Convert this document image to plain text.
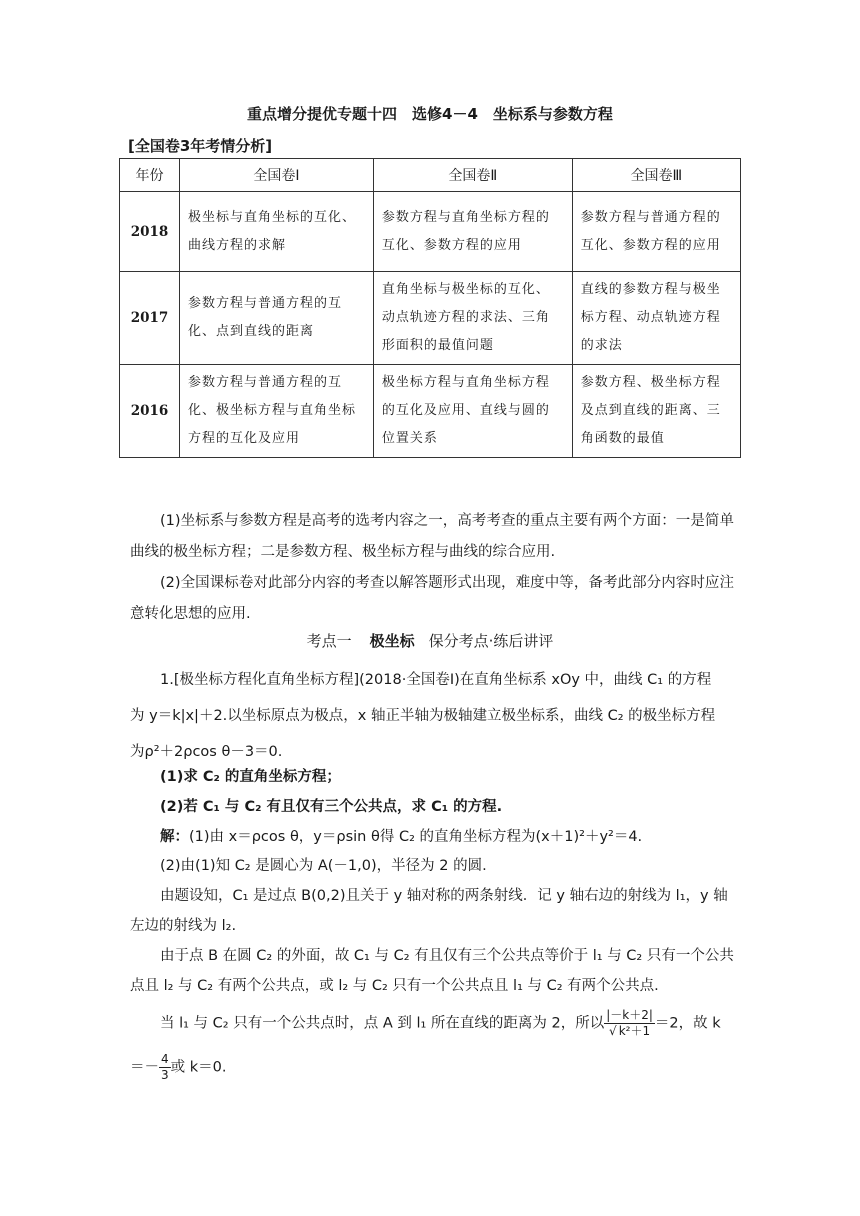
重点增分提优专题十四　选修4－4　坐标系与参数方程
[全国卷3年考情分析]
年份	全国卷Ⅰ	全国卷Ⅱ	全国卷Ⅲ
2018	极坐标与直角坐标的互化、曲线方程的求解	参数方程与直角坐标方程的互化、参数方程的应用	参数方程与普通方程的互化、参数方程的应用
2017	参数方程与普通方程的互化、点到直线的距离	直角坐标与极坐标的互化、动点轨迹方程的求法、三角形面积的最值问题	直线的参数方程与极坐标方程、动点轨迹方程的求法
2016	参数方程与普通方程的互化、极坐标方程与直角坐标方程的互化及应用	极坐标方程与直角坐标方程的互化及应用、直线与圆的位置关系	参数方程、极坐标方程及点到直线的距离、三角函数的最值
(1)坐标系与参数方程是高考的选考内容之一，高考考查的重点主要有两个方面：一是简单曲线的极坐标方程；二是参数方程、极坐标方程与曲线的综合应用.
(2)全国课标卷对此部分内容的考查以解答题形式出现，难度中等，备考此部分内容时应注意转化思想的应用.
考点一 极坐标 保分考点·练后讲评
1.[极坐标方程化直角坐标方程](2018·全国卷Ⅰ)在直角坐标系 xOy 中，曲线 C₁ 的方程
为 y＝k|x|＋2.以坐标原点为极点，x 轴正半轴为极轴建立极坐标系，曲线 C₂ 的极坐标方程
为ρ²＋2ρcos θ－3＝0.
(1)求 C₂ 的直角坐标方程；
(2)若 C₁ 与 C₂ 有且仅有三个公共点，求 C₁ 的方程.
解：(1)由 x＝ρcos θ，y＝ρsin θ得 C₂ 的直角坐标方程为(x＋1)²＋y²＝4.
(2)由(1)知 C₂ 是圆心为 A(－1,0)，半径为 2 的圆.
由题设知，C₁ 是过点 B(0,2)且关于 y 轴对称的两条射线．记 y 轴右边的射线为 l₁，y 轴
左边的射线为 l₂.
由于点 B 在圆 C₂ 的外面，故 C₁ 与 C₂ 有且仅有三个公共点等价于 l₁ 与 C₂ 只有一个公共
点且 l₂ 与 C₂ 有两个公共点，或 l₂ 与 C₂ 只有一个公共点且 l₁ 与 C₂ 有两个公共点.
当 l₁ 与 C₂ 只有一个公共点时，点 A 到 l₁ 所在直线的距离为 2，所以 $\frac{|-k+2|}{\text{√ k²＋1}} =2$，故 k
＝－ $\frac{4}{3}$ 或 k＝0.
